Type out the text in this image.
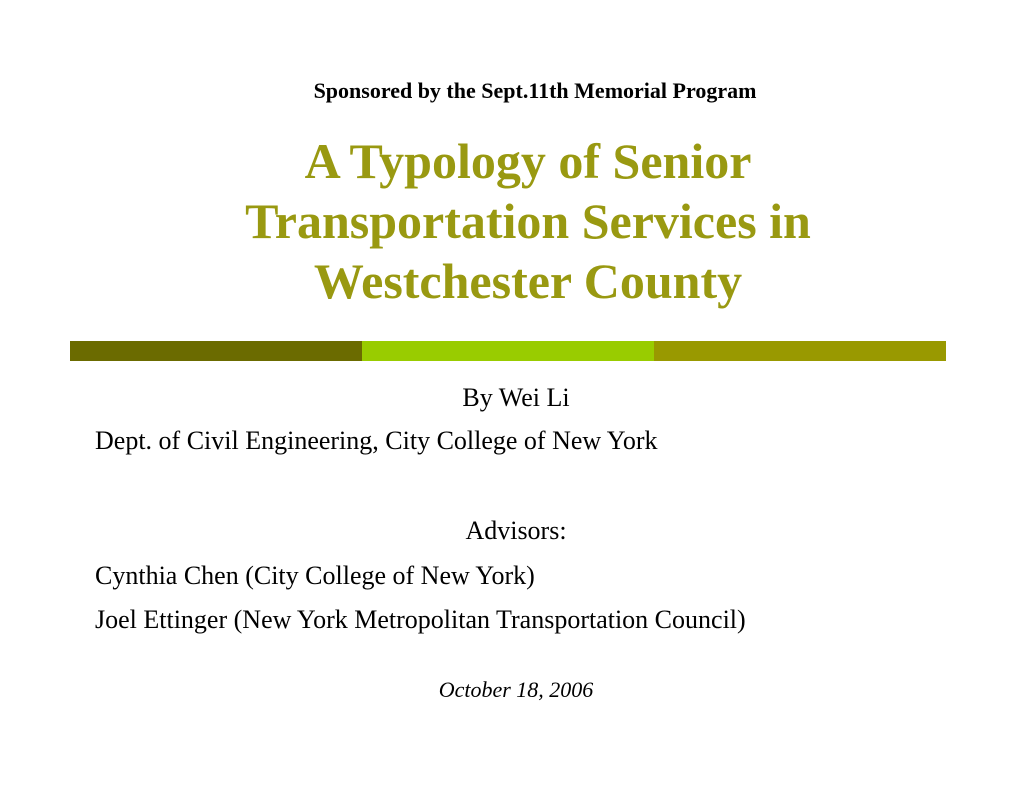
Sponsored by the Sept.11th Memorial Program
A Typology of Senior
Transportation Services in
Westchester County
By Wei Li
Dept. of Civil Engineering, City College of New York
Advisors:
Cynthia Chen (City College of New York)
Joel Ettinger (New York Metropolitan Transportation Council)
October 18, 2006
